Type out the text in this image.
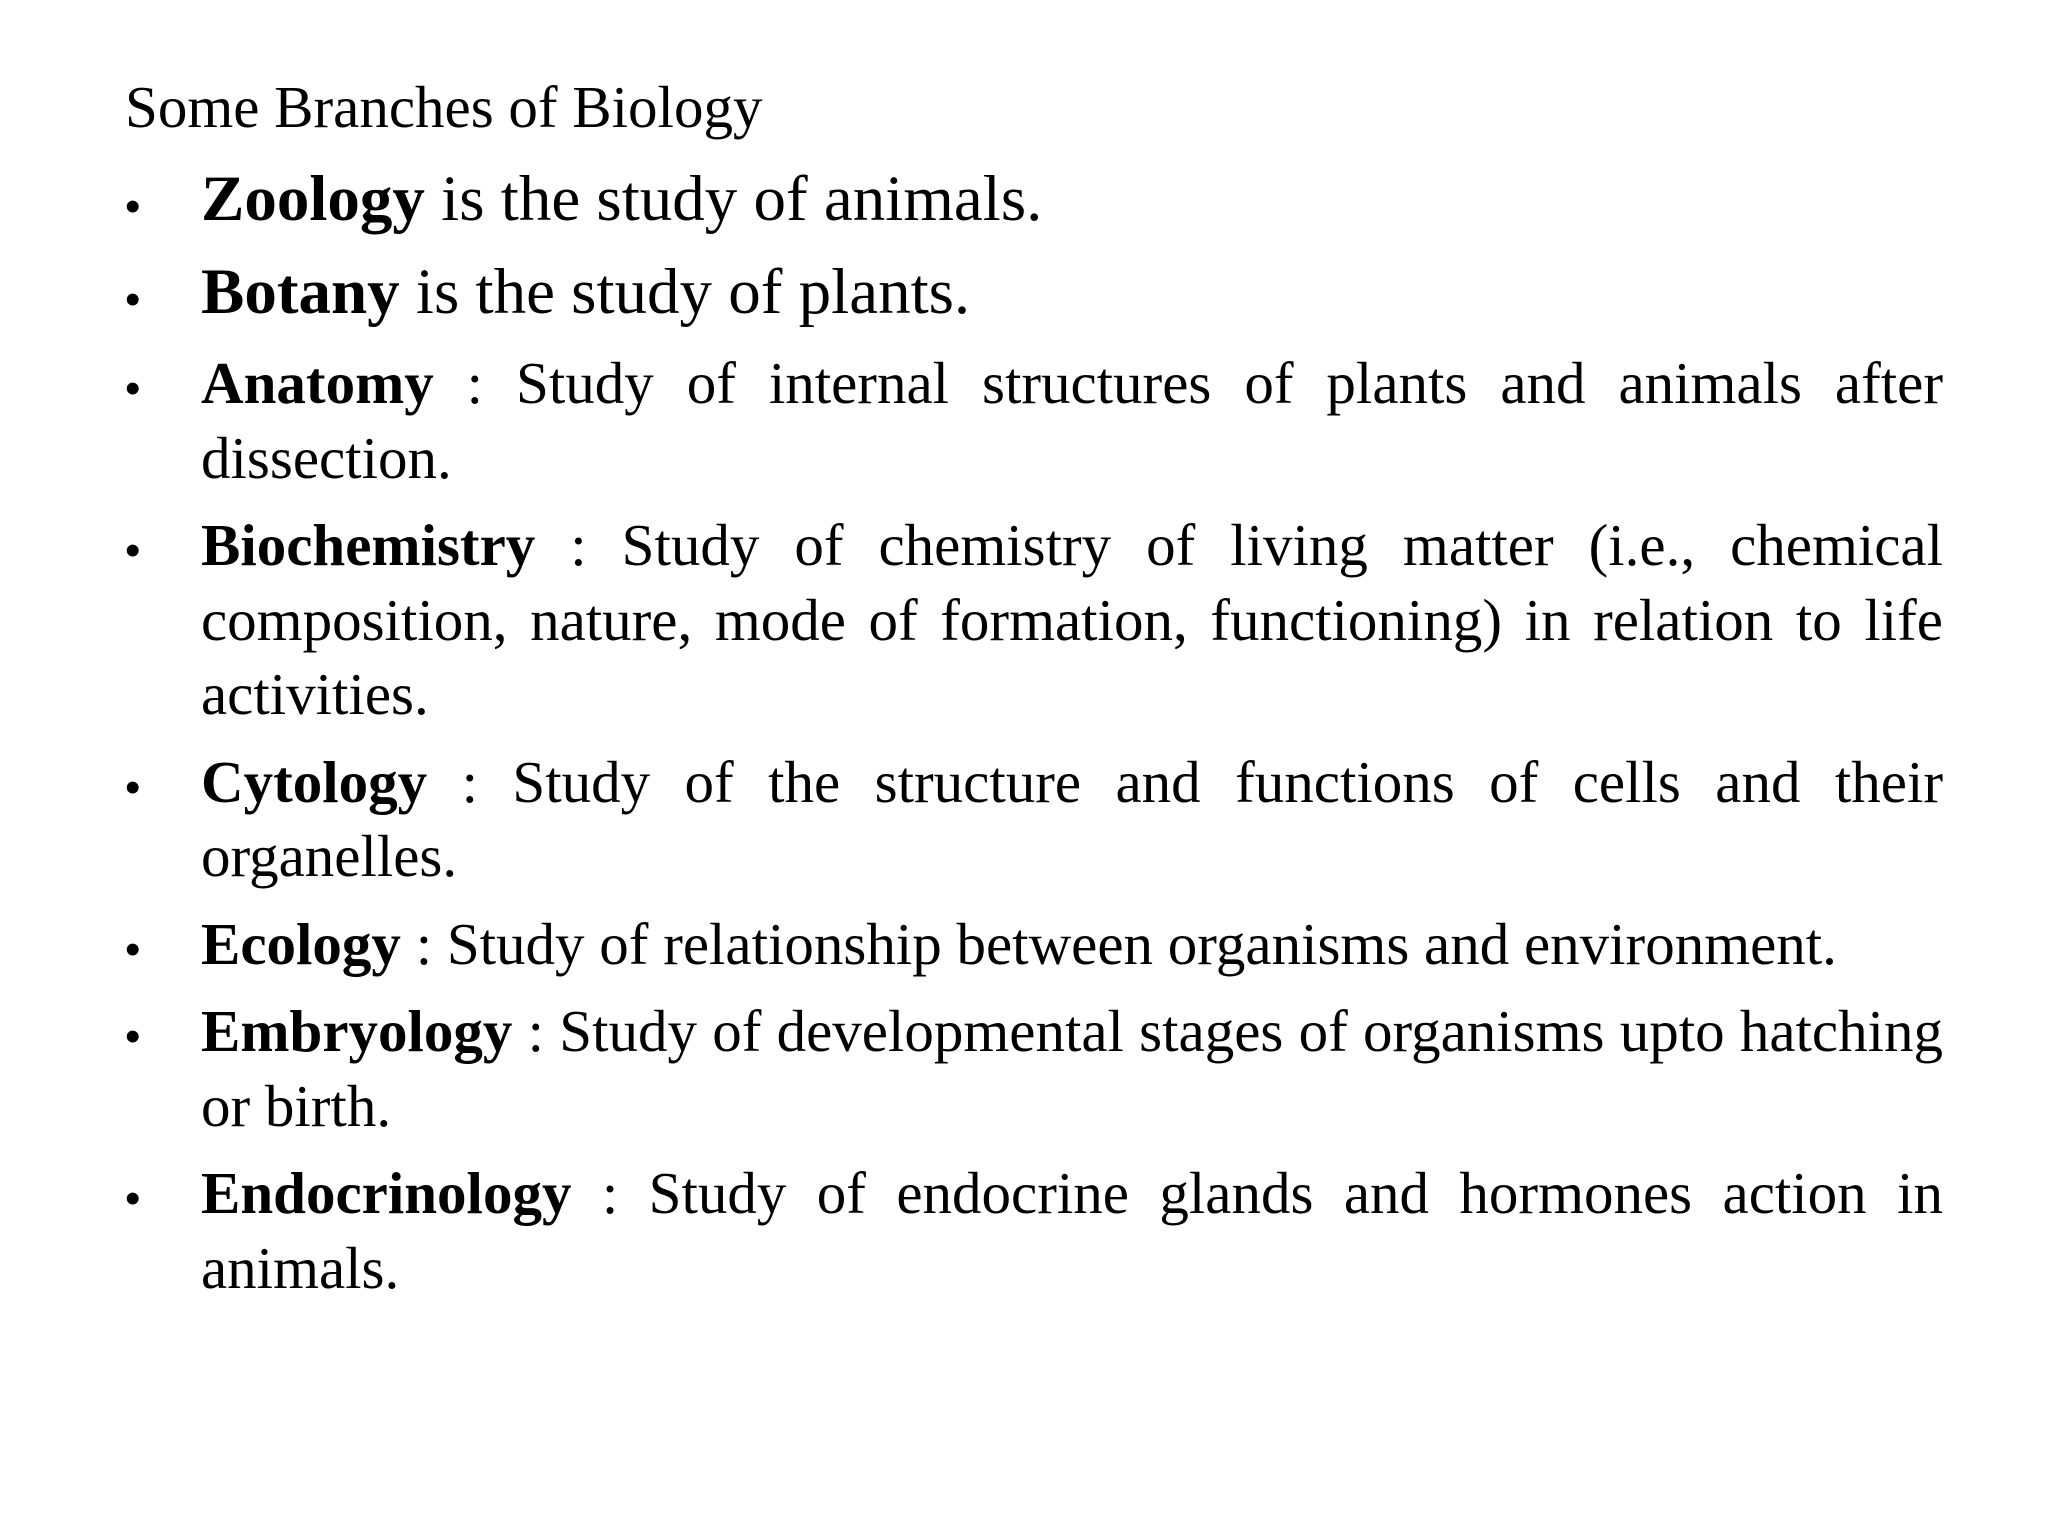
Some Branches of Biology
• Zoology is the study of animals.
• Botany is the study of plants.
• Anatomy : Study of internal structures of plants and animals after dissection.
• Biochemistry : Study of chemistry of living matter (i.e., chemical composition, nature, mode of formation, functioning) in relation to life activities.
• Cytology : Study of the structure and functions of cells and their organelles.
• Ecology : Study of relationship between organisms and environment.
• Embryology : Study of developmental stages of organisms upto hatching or birth.
• Endocrinology : Study of endocrine glands and hormones action in animals.
